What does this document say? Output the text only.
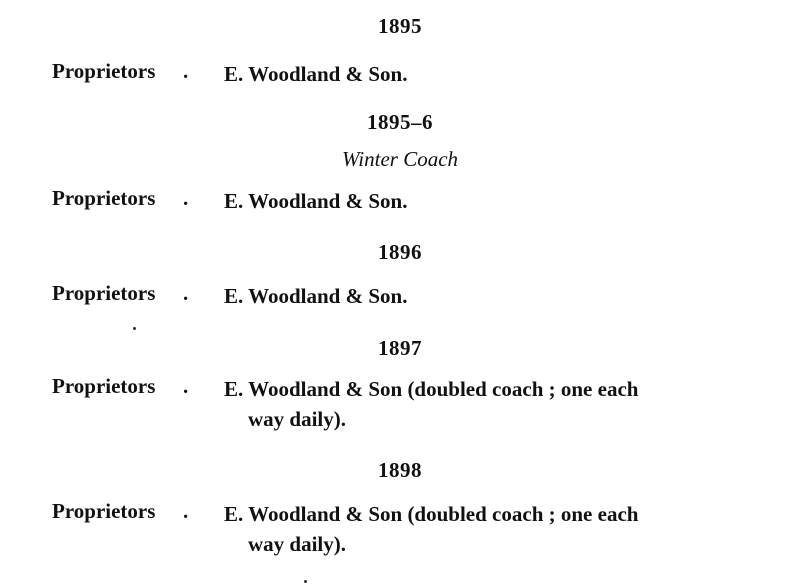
1895
Proprietors . E. Woodland & Son.
1895–6
Winter Coach
Proprietors . E. Woodland & Son.
1896
Proprietors . E. Woodland & Son.
1897
Proprietors . E. Woodland & Son (doubled coach ; one each
way daily).
1898
Proprietors . E. Woodland & Son (doubled coach ; one each
way daily).
